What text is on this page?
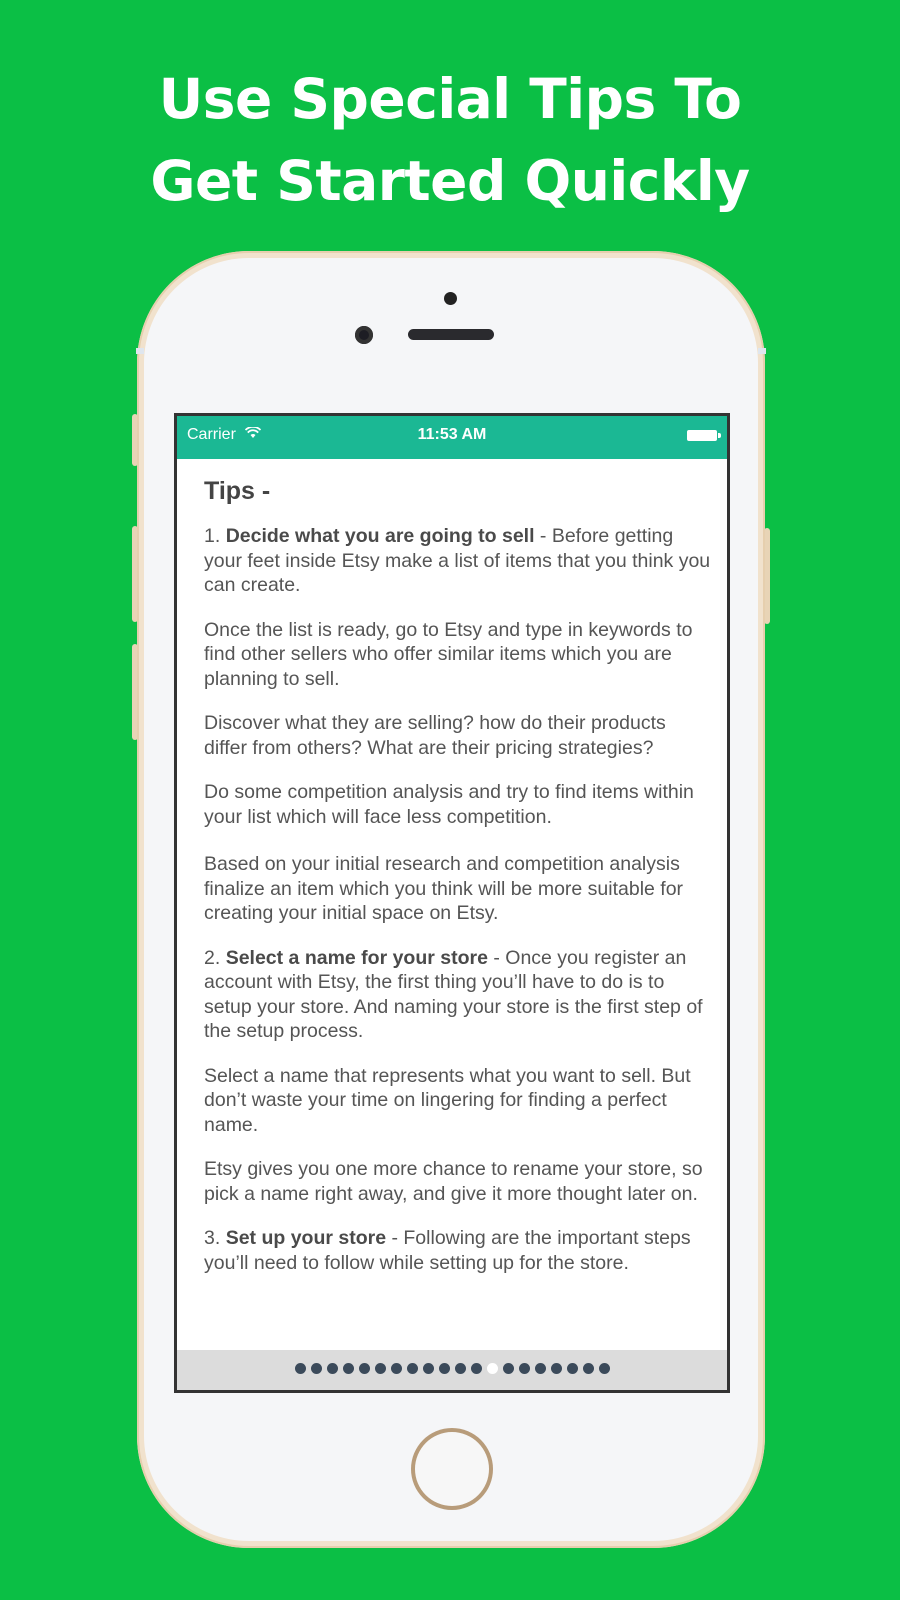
Use Special Tips To
Get Started Quickly
Carrier	11:53 AM
Tips -

1. Decide what you are going to sell - Before getting your feet inside Etsy make a list of items that you think you can create.

Once the list is ready, go to Etsy and type in keywords to find other sellers who offer similar items which you are planning to sell.

Discover what they are selling? how do their products differ from others? What are their pricing strategies?

Do some competition analysis and try to find items within your list which will face less competition.

Based on your initial research and competition analysis finalize an item which you think will be more suitable for creating your initial space on Etsy.

2. Select a name for your store - Once you register an account with Etsy, the first thing you’ll have to do is to setup your store. And naming your store is the first step of the setup process.

Select a name that represents what you want to sell. But don’t waste your time on lingering for finding a perfect name.

Etsy gives you one more chance to rename your store, so pick a name right away, and give it more thought later on.

3. Set up your store - Following are the important steps you’ll need to follow while setting up for the store.
